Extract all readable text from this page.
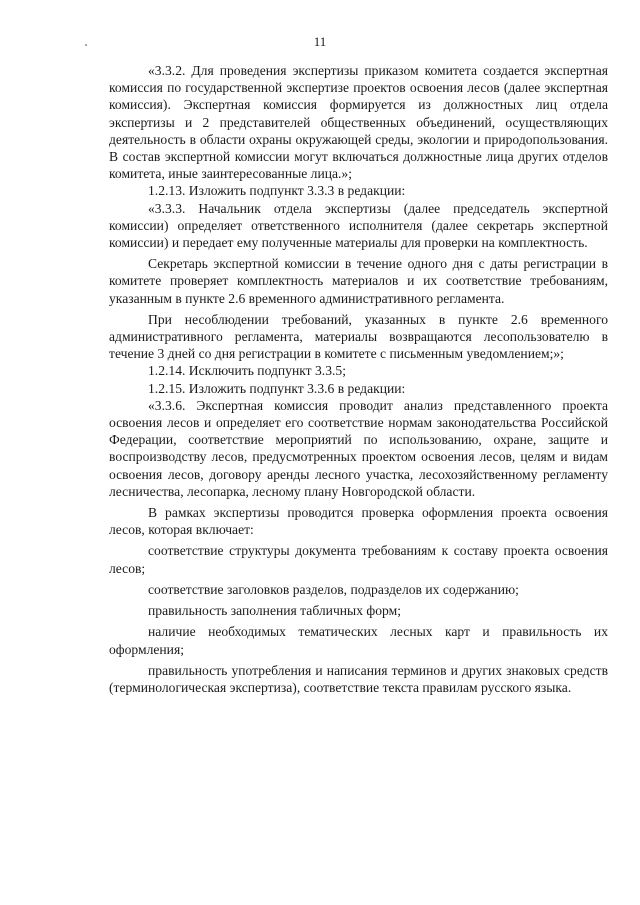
11

«3.3.2. Для проведения экспертизы приказом комитета создается экспертная комиссия по государственной экспертизе проектов освоения лесов (далее экспертная комиссия). Экспертная комиссия формируется из должностных лиц отдела экспертизы и 2 представителей общественных объединений, осуществляющих деятельность в области охраны окружающей среды, экологии и природопользования. В состав экспертной комиссии могут включаться должностные лица других отделов комитета, иные заинтересованные лица.»;

1.2.13. Изложить подпункт 3.3.3 в редакции:

«3.3.3. Начальник отдела экспертизы (далее председатель экспертной комиссии) определяет ответственного исполнителя (далее секретарь экспертной комиссии) и передает ему полученные материалы для проверки на комплектность.

Секретарь экспертной комиссии в течение одного дня с даты регистрации в комитете проверяет комплектность материалов и их соответствие требованиям, указанным в пункте 2.6 временного административного регламента.

При несоблюдении требований, указанных в пункте 2.6 временного административного регламента, материалы возвращаются лесопользователю в течение 3 дней со дня регистрации в комитете с письменным уведомлением;»;

1.2.14. Исключить подпункт 3.3.5;

1.2.15. Изложить подпункт 3.3.6 в редакции:

«3.3.6. Экспертная комиссия проводит анализ представленного проекта освоения лесов и определяет его соответствие нормам законодательства Российской Федерации, соответствие мероприятий по использованию, охране, защите и воспроизводству лесов, предусмотренных проектом освоения лесов, целям и видам освоения лесов, договору аренды лесного участка, лесохозяйственному регламенту лесничества, лесопарка, лесному плану Новгородской области.

В рамках экспертизы проводится проверка оформления проекта освоения лесов, которая включает:

соответствие структуры документа требованиям к составу проекта освоения лесов;

соответствие заголовков разделов, подразделов их содержанию;

правильность заполнения табличных форм;

наличие необходимых тематических лесных карт и правильность их оформления;

правильность употребления и написания терминов и других знаковых средств (терминологическая экспертиза), соответствие текста правилам русского языка.
